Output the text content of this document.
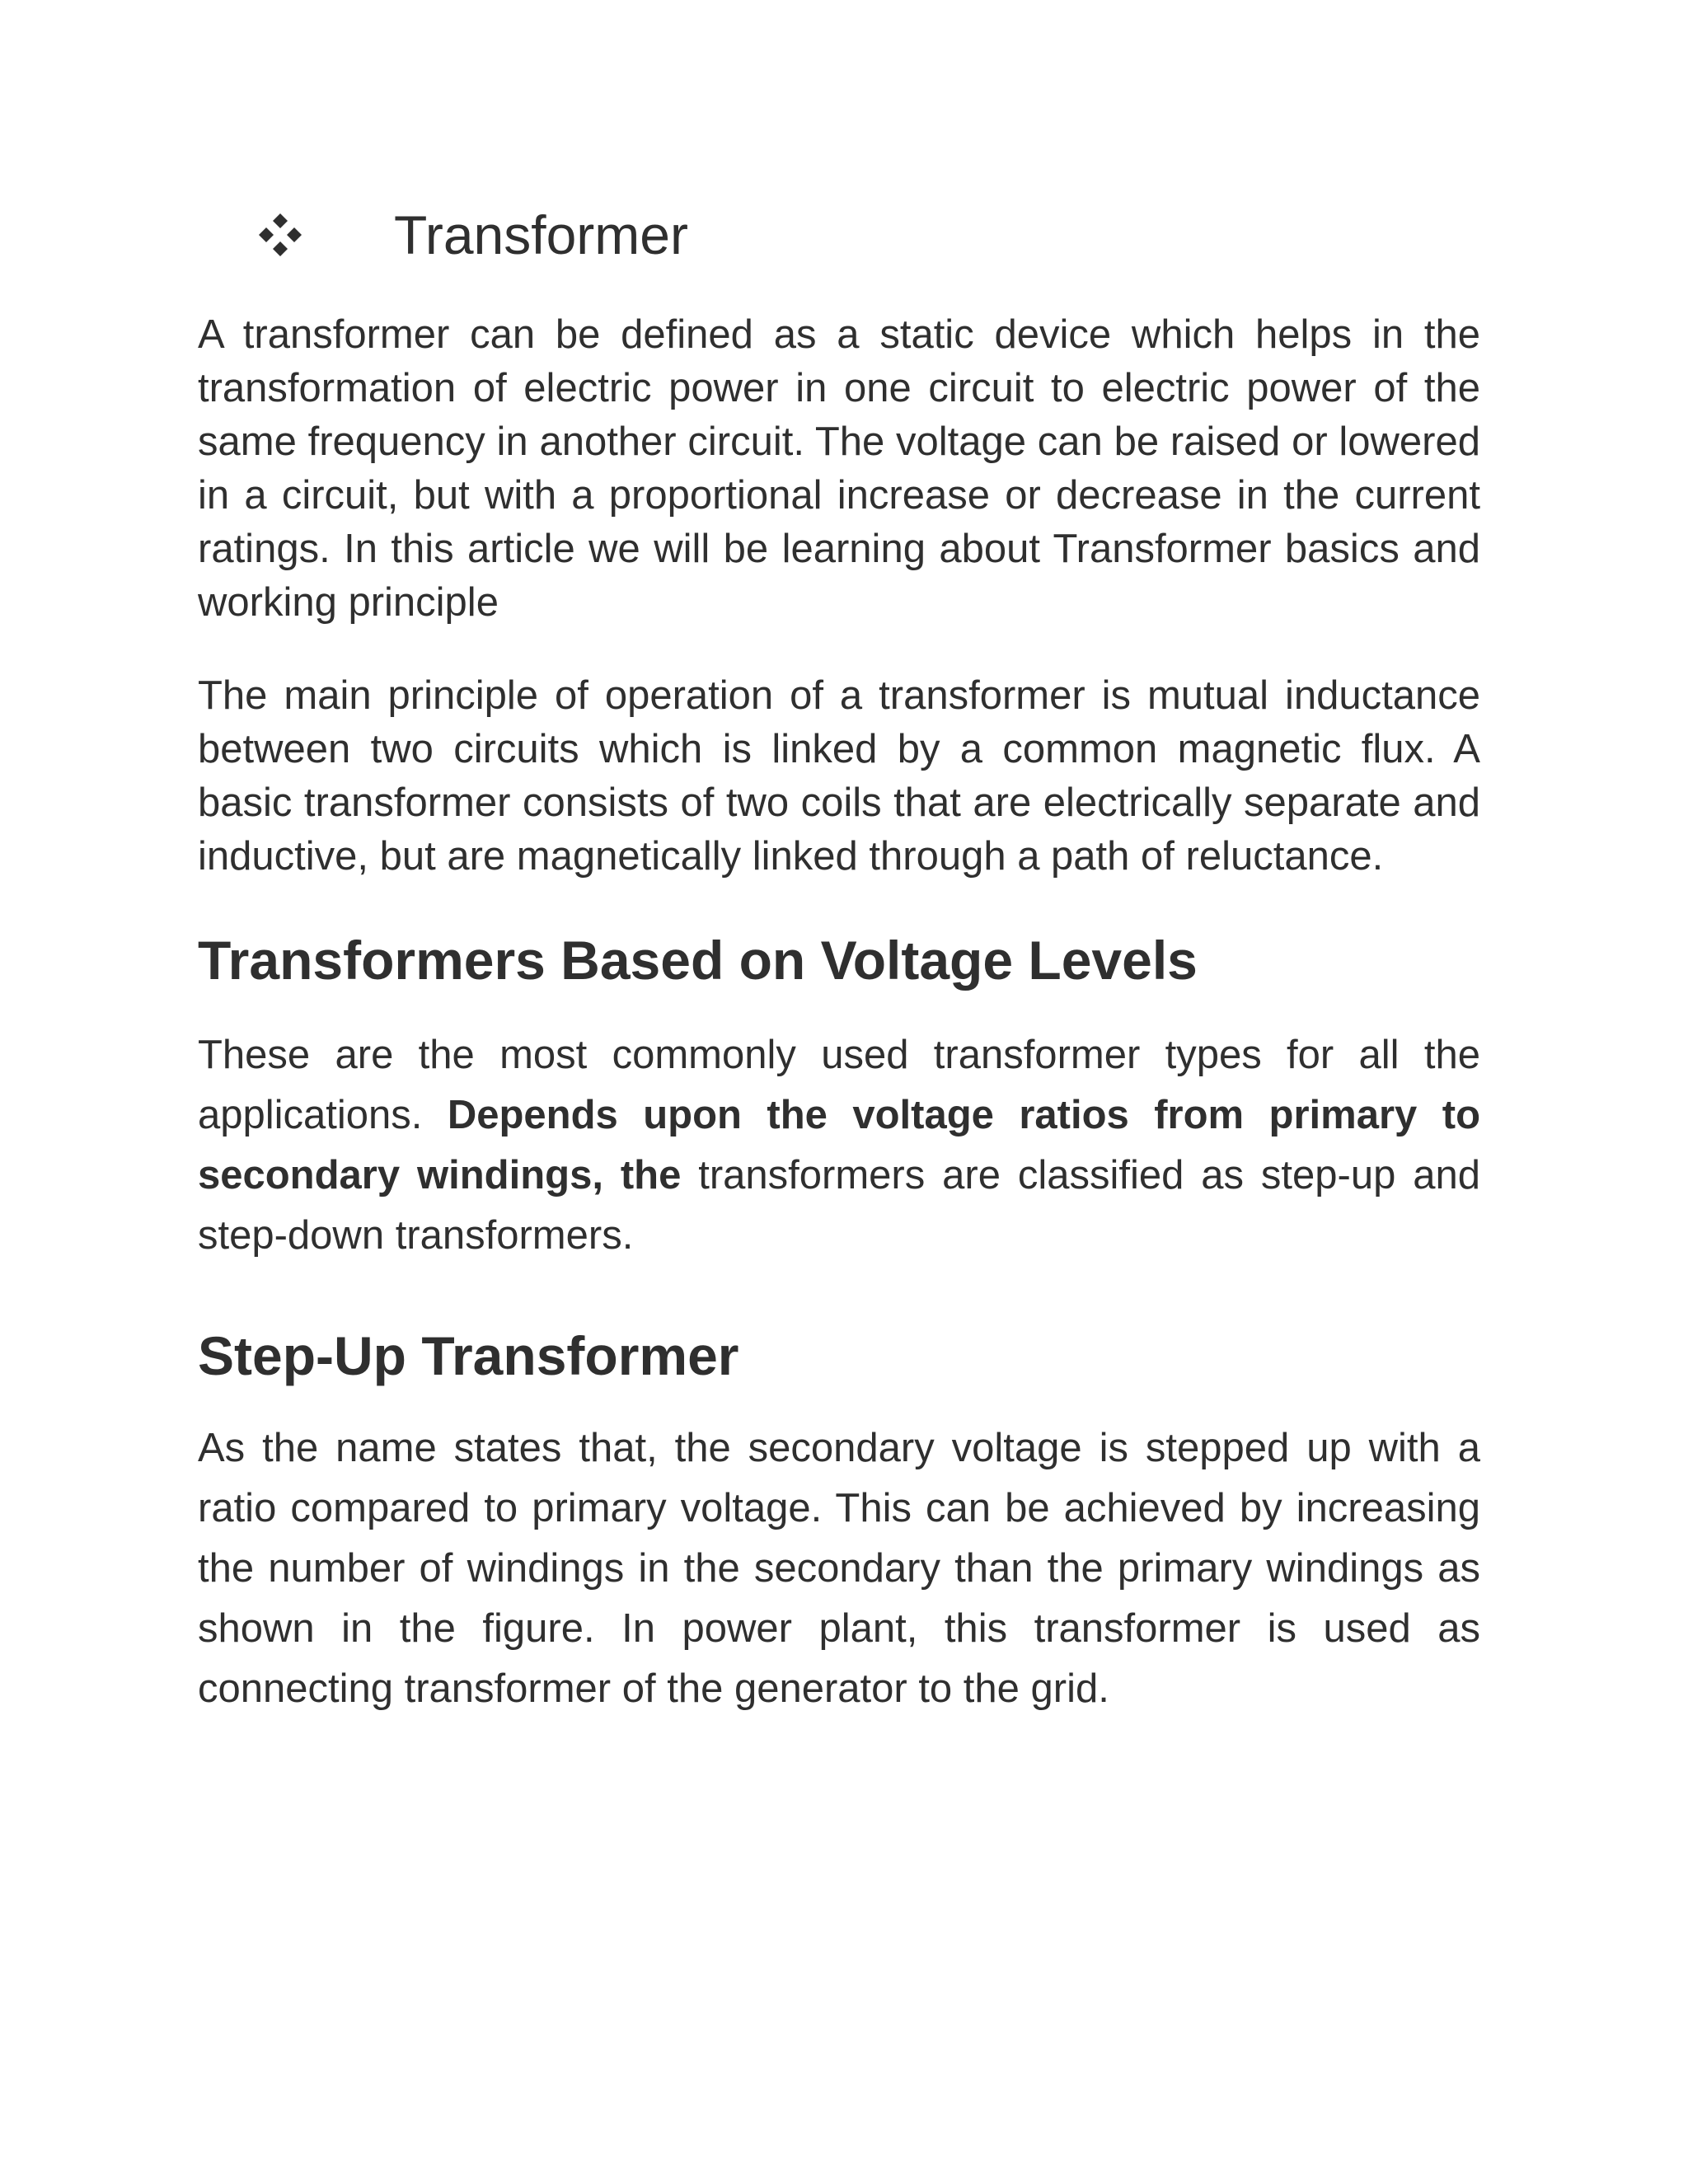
Transformer

A transformer can be defined as a static device which helps in the transformation of electric power in one circuit to electric power of the same frequency in another circuit. The voltage can be raised or lowered in a circuit, but with a proportional increase or decrease in the current ratings. In this article we will be learning about Transformer basics and working principle

The main principle of operation of a transformer is mutual inductance between two circuits which is linked by a common magnetic flux. A basic transformer consists of two coils that are electrically separate and inductive, but are magnetically linked through a path of reluctance.

Transformers Based on Voltage Levels

These are the most commonly used transformer types for all the applications. Depends upon the voltage ratios from primary to secondary windings, the transformers are classified as step-up and step-down transformers.

Step-Up Transformer

As the name states that, the secondary voltage is stepped up with a ratio compared to primary voltage. This can be achieved by increasing the number of windings in the secondary than the primary windings as shown in the figure. In power plant, this transformer is used as connecting transformer of the generator to the grid.
